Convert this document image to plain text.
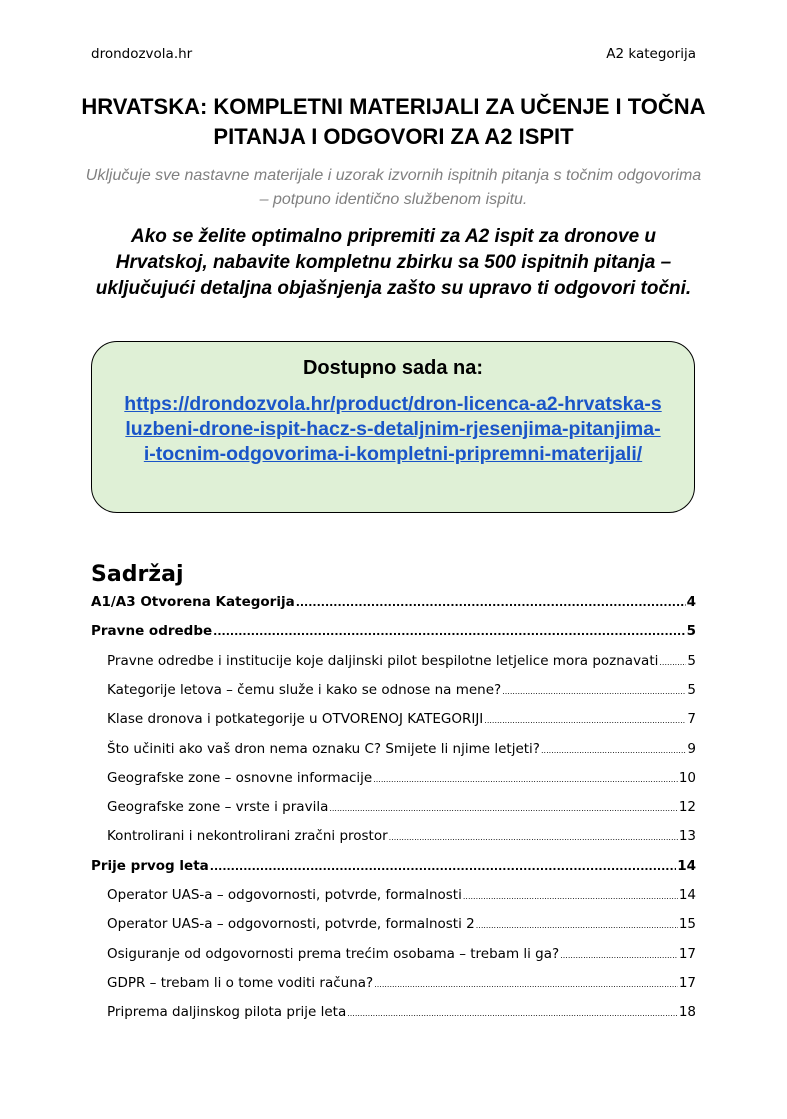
drondozvola.hr	A2 kategorija
HRVATSKA: KOMPLETNI MATERIJALI ZA UČENJE I TOČNA PITANJA I ODGOVORI ZA A2 ISPIT
Uključuje sve nastavne materijale i uzorak izvornih ispitnih pitanja s točnim odgovorima – potpuno identično službenom ispitu.
Ako se želite optimalno pripremiti za A2 ispit za dronove u Hrvatskoj, nabavite kompletnu zbirku sa 500 ispitnih pitanja – uključujući detaljna objašnjenja zašto su upravo ti odgovori točni.
Dostupno sada na:
https://drondozvola.hr/product/dron-licenca-a2-hrvatska-sluzbeni-drone-ispit-hacz-s-detaljnim-rjesenjima-pitanjima-i-tocnim-odgovorima-i-kompletni-pripremni-materijali/
Sadržaj
A1/A3 Otvorena Kategorija .....	4
Pravne odredbe .....	5
Pravne odredbe i institucije koje daljinski pilot bespilotne letjelice mora poznavati ..... 5
Kategorije letova – čemu služe i kako se odnose na mene? .....	5
Klase dronova i potkategorije u OTVORENOJ KATEGORIJI .....	7
Što učiniti ako vaš dron nema oznaku C? Smijete li njime letjeti? .....	9
Geografske zone – osnovne informacije .....	10
Geografske zone – vrste i pravila .....	12
Kontrolirani i nekontrolirani zračni prostor .....	13
Prije prvog leta .....	14
Operator UAS-a – odgovornosti, potvrde, formalnosti .....	14
Operator UAS-a – odgovornosti, potvrde, formalnosti 2 .....	15
Osiguranje od odgovornosti prema trećim osobama – trebam li ga? .....	17
GDPR – trebam li o tome voditi računa? .....	17
Priprema daljinskog pilota prije leta .....	18
